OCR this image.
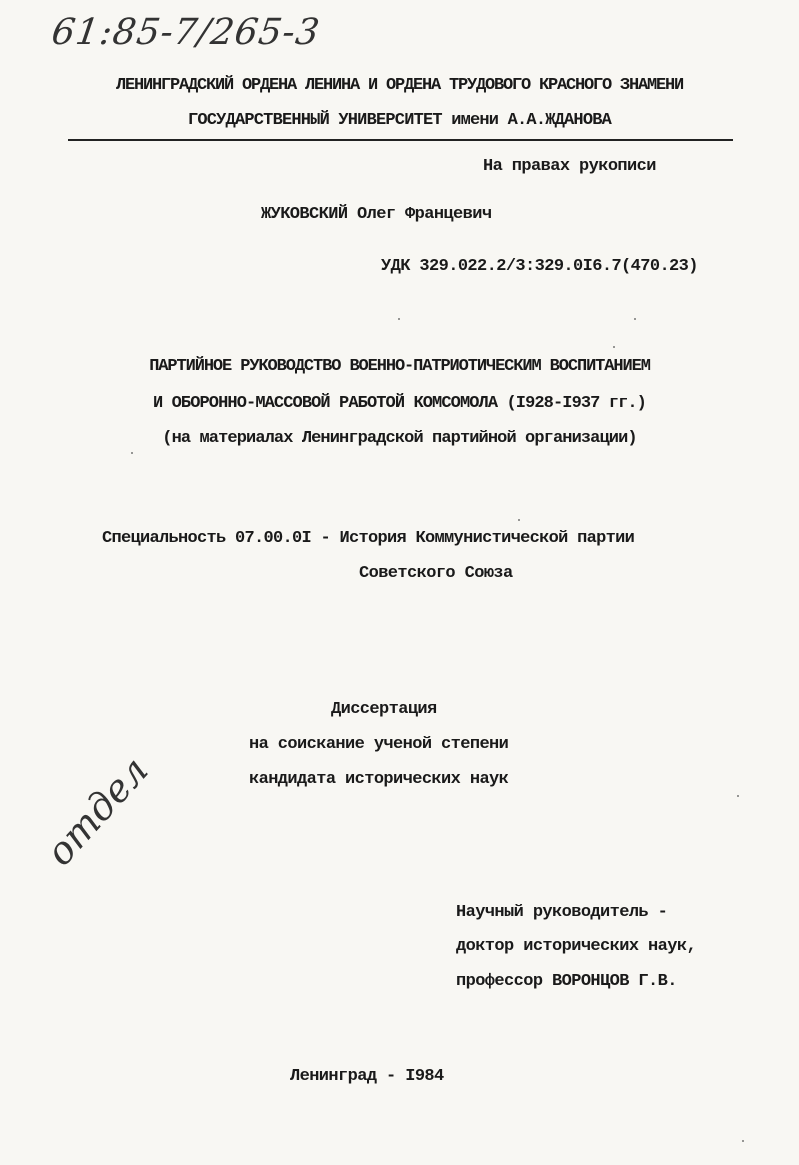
61:85-7/265-3
ЛЕНИНГРАДСКИЙ ОРДЕНА ЛЕНИНА И ОРДЕНА ТРУДОВОГО КРАСНОГО ЗНАМЕНИ
ГОСУДАРСТВЕННЫЙ УНИВЕРСИТЕТ имени А.А.ЖДАНОВА
На правах рукописи
ЖУКОВСКИЙ Олег Францевич
УДК 329.022.2/3:329.0I6.7(470.23)
ПАРТИЙНОЕ РУКОВОДСТВО ВОЕННО-ПАТРИОТИЧЕСКИМ ВОСПИТАНИЕМ
И ОБОРОННО-МАССОВОЙ РАБОТОЙ КОМСОМОЛА (I928-I937 гг.)
(на материалах Ленинградской партийной организации)
Специальность 07.00.0I - История Коммунистической партии
Советского Союза
Диссертация
на соискание ученой степени
кандидата исторических наук
отдел
Научный руководитель -
доктор исторических наук,
профессор ВОРОНЦОВ Г.В.
Ленинград - I984
